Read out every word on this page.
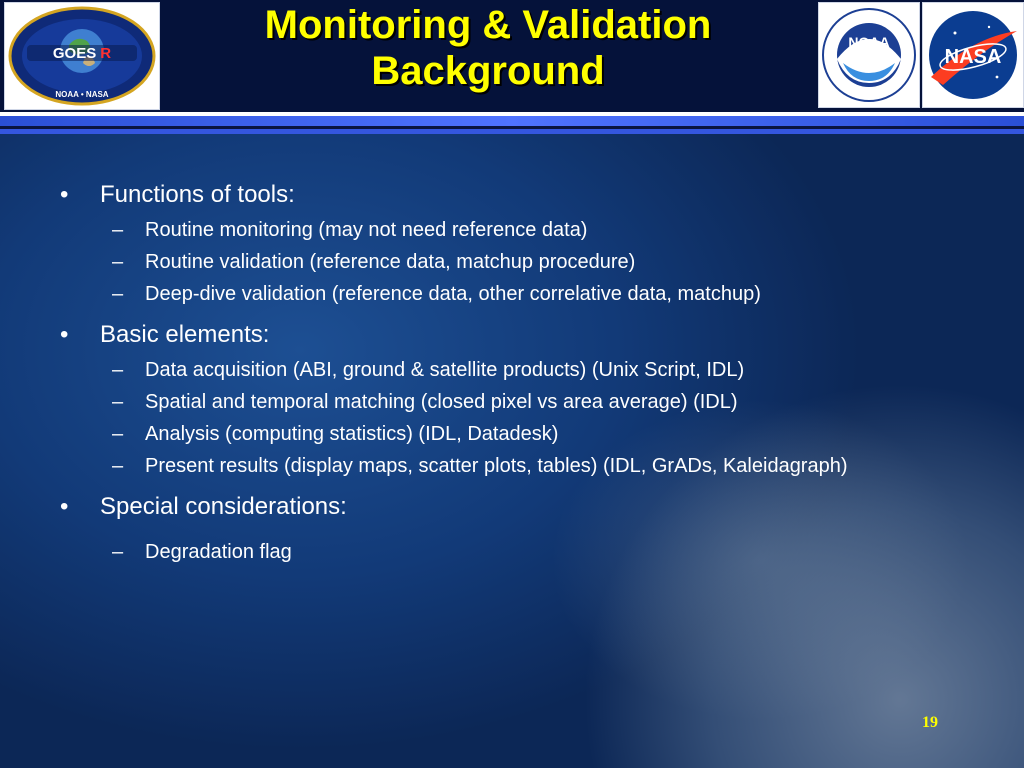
GOES R
NOAA • NASA
Monitoring & Validation
Background
NOAA
NASA
• Functions of tools:
– Routine monitoring (may not need reference data)
– Routine validation (reference data, matchup procedure)
– Deep-dive validation (reference data, other correlative data, matchup)
• Basic elements:
– Data acquisition (ABI, ground & satellite products) (Unix Script, IDL)
– Spatial and temporal matching (closed pixel vs area average) (IDL)
– Analysis (computing statistics) (IDL, Datadesk)
– Present results (display maps, scatter plots, tables) (IDL, GrADs, Kaleidagraph)
• Special considerations:
– Degradation flag
19
